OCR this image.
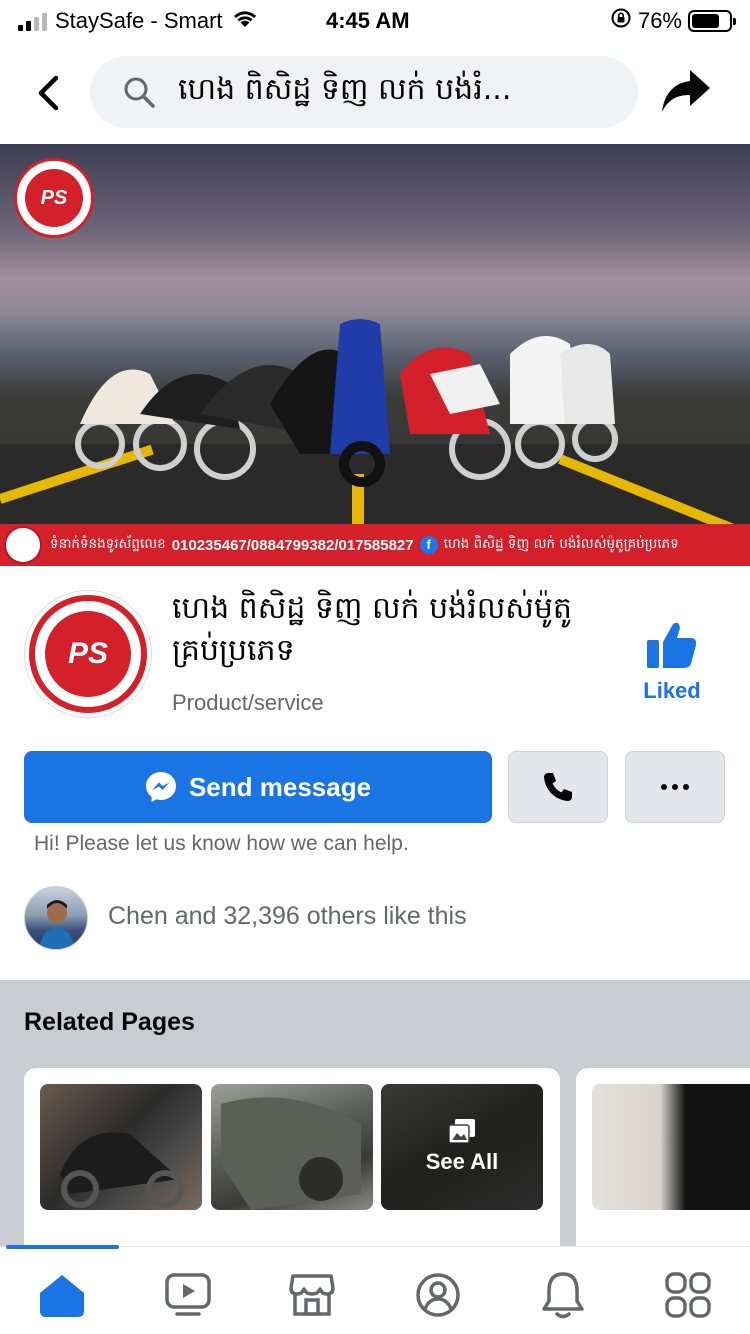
StaySafe - Smart	4:45 AM	76%
ហេង ពិសិដ្ឋ ទិញ លក់ បង់រំ...
PS
ទំនាក់ទំនងទូរស័ព្ទលេខ 010235467/0884799382/017585827 f ហេង ពិសិដ្ឋ ទិញ លក់ បង់រំលស់ម៉ូតូគ្រប់ប្រភេទ
PS
ហេង ពិសិដ្ឋ ទិញ លក់ បង់រំលស់ម៉ូតូគ្រប់ប្រភេទ
Product/service	Liked
Send message
Hi! Please let us know how we can help.
Chen and 32,396 others like this
Related Pages
See All
